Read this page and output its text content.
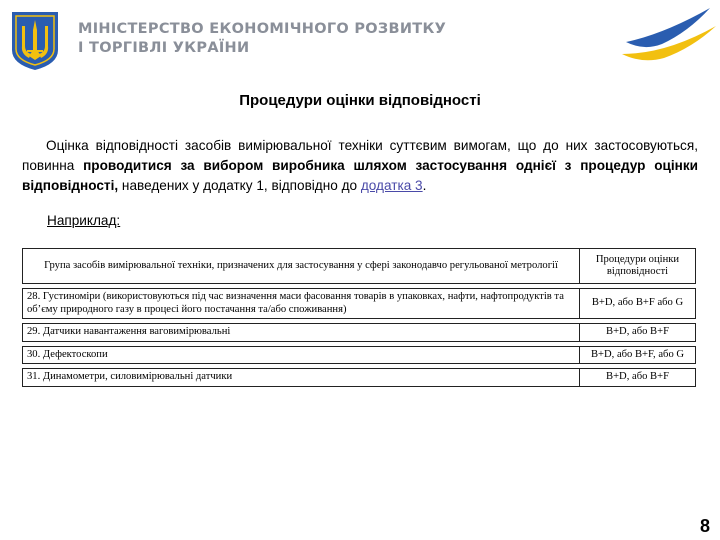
МІНІСТЕРСТВО ЕКОНОМІЧНОГО РОЗВИТКУ
І ТОРГІВЛІ УКРАЇНИ
Процедури оцінки відповідності

Оцінка відповідності засобів вимірювальної техніки суттєвим вимогам, що до них застосовуються, повинна проводитися за вибором виробника шляхом застосування однієї з процедур оцінки відповідності, наведених у додатку 1, відповідно до додатка 3.

Наприклад:
Група засобів вимірювальної техніки, призначених для застосування у сфері законодавчо регульованої метрології	Процедури оцінки відповідності
28. Густиноміри (використовуються під час визначення маси фасовання товарів в упаковках, нафти, нафтопродуктів та об’єму природного газу в процесі його постачання та/або споживання)	B+D, або B+F або G
29. Датчики навантаження ваговимірювальні	B+D, або B+F
30. Дефектоскопи	B+D, або B+F, або G
31. Динамометри, силовимірювальні датчики	B+D, або B+F
8
